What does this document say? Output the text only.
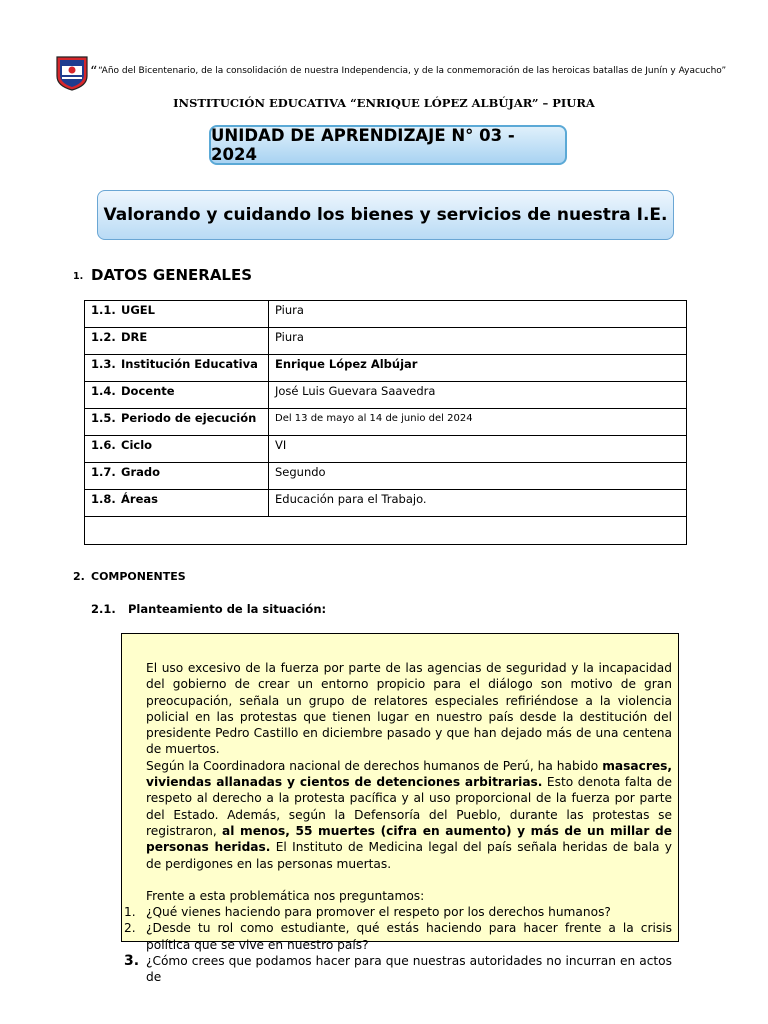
““Año del Bicentenario, de la consolidación de nuestra Independencia, y de la conmemoración de las heroicas batallas de Junín y Ayacucho”
INSTITUCIÓN EDUCATIVA “ENRIQUE LÓPEZ ALBÚJAR” – PIURA
UNIDAD DE APRENDIZAJE N° 03 - 2024
Valorando y cuidando los bienes y servicios de nuestra I.E.
1. DATOS GENERALES
1.1. UGEL	Piura
1.2. DRE	Piura
1.3. Institución Educativa	Enrique López Albújar
1.4. Docente	José Luis Guevara Saavedra
1.5. Periodo de ejecución	Del 13 de mayo al 14 de junio del 2024
1.6. Ciclo	VI
1.7. Grado	Segundo
1.8. Áreas	Educación para el Trabajo.

2. COMPONENTES
2.1. Planteamiento de la situación:

El uso excesivo de la fuerza por parte de las agencias de seguridad y la incapacidad del gobierno de crear un entorno propicio para el diálogo son motivo de gran preocupación, señala un grupo de relatores especiales refiriéndose a la violencia policial en las protestas que tienen lugar en nuestro país desde la destitución del presidente Pedro Castillo en diciembre pasado y que han dejado más de una centena de muertos.

Según la Coordinadora nacional de derechos humanos de Perú, ha habido masacres, viviendas allanadas y cientos de detenciones arbitrarias. Esto denota falta de respeto al derecho a la protesta pacífica y al uso proporcional de la fuerza por parte del Estado. Además, según la Defensoría del Pueblo, durante las protestas se registraron, al menos, 55 muertes (cifra en aumento) y más de un millar de personas heridas. El Instituto de Medicina legal del país señala heridas de bala y de perdigones en las personas muertas.

Frente a esta problemática nos preguntamos:

1. ¿Qué vienes haciendo para promover el respeto por los derechos humanos?
2. ¿Desde tu rol como estudiante, qué estás haciendo para hacer frente a la crisis política que se vive en nuestro país?
3. ¿Cómo crees que podamos hacer para que nuestras autoridades no incurran en actos de
